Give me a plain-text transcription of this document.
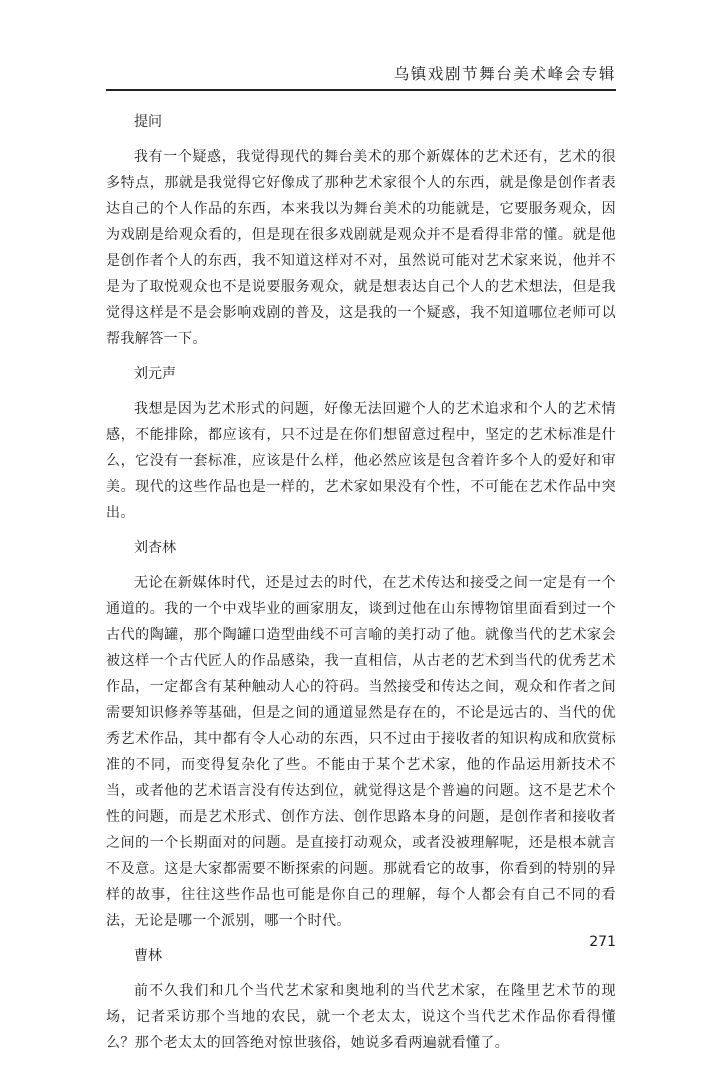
乌镇戏剧节舞台美术峰会专辑
提问

我有一个疑惑，我觉得现代的舞台美术的那个新媒体的艺术还有，艺术的很多特点，那就是我觉得它好像成了那种艺术家很个人的东西，就是像是创作者表达自己的个人作品的东西，本来我以为舞台美术的功能就是，它要服务观众，因为戏剧是给观众看的，但是现在很多戏剧就是观众并不是看得非常的懂。就是他是创作者个人的东西，我不知道这样对不对，虽然说可能对艺术家来说，他并不是为了取悦观众也不是说要服务观众，就是想表达自己个人的艺术想法，但是我觉得这样是不是会影响戏剧的普及，这是我的一个疑惑，我不知道哪位老师可以帮我解答一下。

刘元声

我想是因为艺术形式的问题，好像无法回避个人的艺术追求和个人的艺术情感，不能排除，都应该有，只不过是在你们想留意过程中，坚定的艺术标准是什么，它没有一套标准，应该是什么样，他必然应该是包含着许多个人的爱好和审美。现代的这些作品也是一样的，艺术家如果没有个性，不可能在艺术作品中突出。

刘杏林

无论在新媒体时代，还是过去的时代，在艺术传达和接受之间一定是有一个通道的。我的一个中戏毕业的画家朋友，谈到过他在山东博物馆里面看到过一个古代的陶罐，那个陶罐口造型曲线不可言喻的美打动了他。就像当代的艺术家会被这样一个古代匠人的作品感染，我一直相信，从古老的艺术到当代的优秀艺术作品，一定都含有某种触动人心的符码。当然接受和传达之间，观众和作者之间需要知识修养等基础，但是之间的通道显然是存在的，不论是远古的、当代的优秀艺术作品，其中都有令人心动的东西，只不过由于接收者的知识构成和欣赏标准的不同，而变得复杂化了些。不能由于某个艺术家，他的作品运用新技术不当，或者他的艺术语言没有传达到位，就觉得这是个普遍的问题。这不是艺术个性的问题，而是艺术形式、创作方法、创作思路本身的问题，是创作者和接收者之间的一个长期面对的问题。是直接打动观众，或者没被理解呢，还是根本就言不及意。这是大家都需要不断探索的问题。那就看它的故事，你看到的特别的异样的故事，往往这些作品也可能是你自己的理解，每个人都会有自己不同的看法，无论是哪一个派别，哪一个时代。

曹林

前不久我们和几个当代艺术家和奥地利的当代艺术家，在隆里艺术节的现场，记者采访那个当地的农民，就一个老太太，说这个当代艺术作品你看得懂么？那个老太太的回答绝对惊世骇俗，她说多看两遍就看懂了。

271
